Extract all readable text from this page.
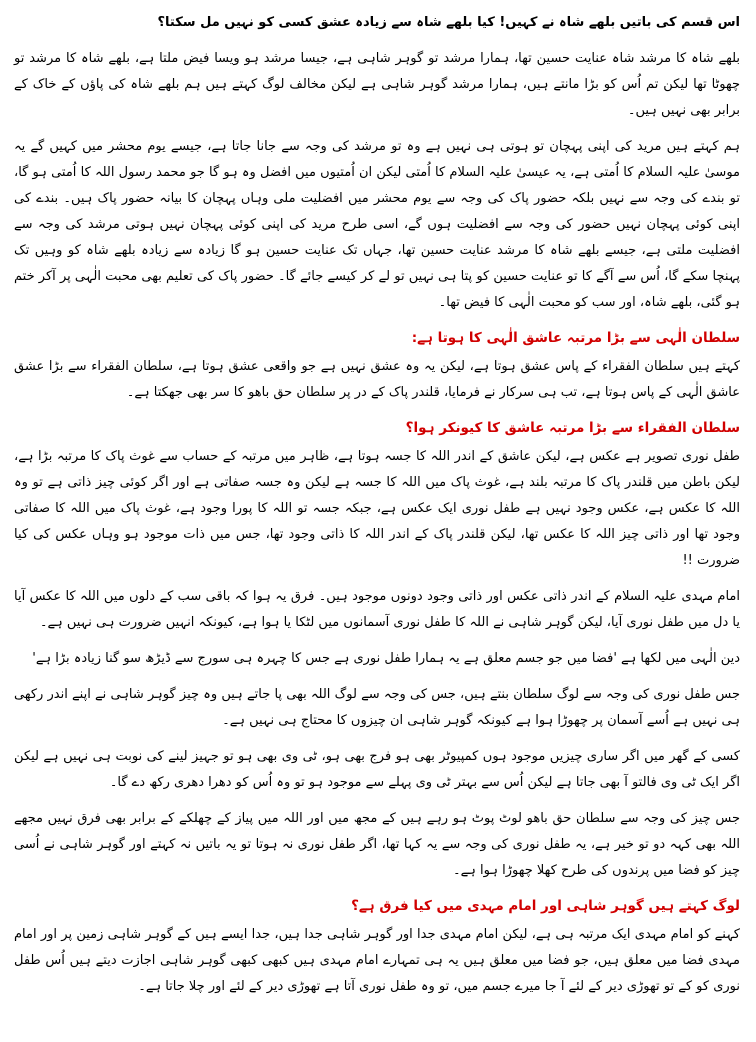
اس قسم کی باتیں بلھے شاہ نے کہیں! کیا بلھے شاہ سے زیادہ عشق کسی کو نہیں مل سکتا؟

بلھے شاہ کا مرشد شاہ عنایت حسین تھا، ہمارا مرشد تو گوہر شاہی ہے، جیسا مرشد ہو ویسا فیض ملتا ہے، بلھے شاہ کا مرشد تو چھوٹا تھا لیکن تم اُس کو بڑا مانتے ہیں، ہمارا مرشد گوہر شاہی ہے لیکن مخالف لوگ کہتے ہیں ہم بلھے شاہ کی پاؤں کے خاک کے برابر بھی نہیں ہیں۔

ہم کہتے ہیں مرید کی اپنی پہچان تو ہوتی ہی نہیں ہے وہ تو مرشد کی وجہ سے جانا جاتا ہے، جیسے یوم محشر میں کہیں گے یہ موسیٰ علیہ السلام کا اُمتی ہے، یہ عیسیٰ علیہ السلام کا اُمتی لیکن ان اُمتیوں میں افضل وہ ہو گا جو محمد رسول اللہ کا اُمتی ہو گا، تو بندے کی وجہ سے نہیں بلکہ حضور پاک کی وجہ سے یوم محشر میں افضلیت ملی وہاں پہچان کا بیانہ حضور پاک ہیں۔ بندے کی اپنی کوئی پہچان نہیں حضور کی وجہ سے افضلیت ہوں گے، اسی طرح مرید کی اپنی کوئی پہچان نہیں ہوتی مرشد کی وجہ سے افضلیت ملتی ہے، جیسے بلھے شاہ کا مرشد عنایت حسین تھا، جہاں تک عنایت حسین ہو گا زیادہ سے زیادہ بلھے شاہ کو وہیں تک پہنچا سکے گا، اُس سے آگے کا تو عنایت حسین کو پتا ہی نہیں تو لے کر کیسے جائے گا۔ حضور پاک کی تعلیم بھی محبت الٰہی پر آکر ختم ہو گئی، بلھے شاہ، اور سب کو محبت الٰہی کا فیض تھا۔

سلطان الٰہی سے بڑا مرتبہ عاشق الٰہی کا ہوتا ہے:

کہتے ہیں سلطان الفقراء کے پاس عشق ہوتا ہے، لیکن یہ وہ عشق نہیں ہے جو واقعی عشق ہوتا ہے، سلطان الفقراء سے بڑا عشق عاشق الٰہی کے پاس ہوتا ہے، تب ہی سرکار نے فرمایا، قلندر پاک کے در پر سلطان حق باھو کا سر بھی جھکتا ہے۔

سلطان الفقراء سے بڑا مرتبہ عاشق کا کیونکر ہوا؟

طفل نوری تصویر ہے عکس ہے، لیکن عاشق کے اندر اللہ کا جسہ ہوتا ہے، ظاہر میں مرتبہ کے حساب سے غوث پاک کا مرتبہ بڑا ہے، لیکن باطن میں قلندر پاک کا مرتبہ بلند ہے، غوث پاک میں اللہ کا جسہ ہے لیکن وہ جسہ صفاتی ہے اور اگر کوئی چیز ذاتی ہے تو وہ اللہ کا عکس ہے، عکس وجود نہیں ہے طفل نوری ایک عکس ہے، جبکہ جسہ تو اللہ کا پورا وجود ہے، غوث پاک میں اللہ کا صفاتی وجود تھا اور ذاتی چیز اللہ کا عکس تھا، لیکن قلندر پاک کے اندر اللہ کا ذاتی وجود تھا، جس میں ذات موجود ہو وہاں عکس کی کیا ضرورت !!

امام مہدی علیہ السلام کے اندر ذاتی عکس اور ذاتی وجود دونوں موجود ہیں۔ فرق یہ ہوا کہ باقی سب کے دلوں میں اللہ کا عکس آیا یا دل میں طفل نوری آیا، لیکن گوہر شاہی نے اللہ کا طفل نوری آسمانوں میں لٹکا یا ہوا ہے، کیونکہ انہیں ضرورت ہی نہیں ہے۔

دین الٰہی میں لکھا ہے 'فضا میں جو جسم معلق ہے یہ ہمارا طفل نوری ہے جس کا چہرہ ہی سورج سے ڈیڑھ سو گنا زیادہ بڑا ہے'

جس طفل نوری کی وجہ سے لوگ سلطان بنتے ہیں، جس کی وجہ سے لوگ اللہ بھی پا جاتے ہیں وہ چیز گوہر شاہی نے اپنے اندر رکھی ہی نہیں ہے اُسے آسمان پر چھوڑا ہوا ہے کیونکہ گوہر شاہی ان چیزوں کا محتاج ہی نہیں ہے۔

کسی کے گھر میں اگر ساری چیزیں موجود ہوں کمپیوٹر بھی ہو فرج بھی ہو، ٹی وی بھی ہو تو جہیز لینے کی نوبت ہی نہیں ہے لیکن اگر ایک ٹی وی فالتو آ بھی جاتا ہے لیکن اُس سے بہتر ٹی وی پہلے سے موجود ہو تو وہ اُس کو دھرا دھری رکھ دے گا۔

جس چیز کی وجہ سے سلطان حق باھو لوٹ پوٹ ہو رہے ہیں کے مجھ میں اور اللہ میں پیاز کے چھلکے کے برابر بھی فرق نہیں مجھے اللہ بھی کہہ دو تو خیر ہے، یہ طفل نوری کی وجہ سے یہ کہا تھا، اگر طفل نوری نہ ہوتا تو یہ باتیں نہ کہتے اور گوہر شاہی نے اُسی چیز کو فضا میں پرندوں کی طرح کھلا چھوڑا ہوا ہے۔

لوگ کہتے ہیں گوہر شاہی اور امام مہدی میں کیا فرق ہے؟

کہنے کو امام مہدی ایک مرتبہ ہی ہے، لیکن امام مہدی جدا اور گوہر شاہی جدا ہیں، جدا ایسے ہیں کے گوہر شاہی زمین پر اور امام مہدی فضا میں معلق ہیں، جو فضا میں معلق ہیں یہ ہی تمہارے امام مہدی ہیں کبھی کبھی گوہر شاہی اجازت دیتے ہیں اُس طفل نوری کو کے تو تھوڑی دیر کے لئے آ جا میرے جسم میں، تو وہ طفل نوری آتا ہے تھوڑی دیر کے لئے اور چلا جاتا ہے۔
